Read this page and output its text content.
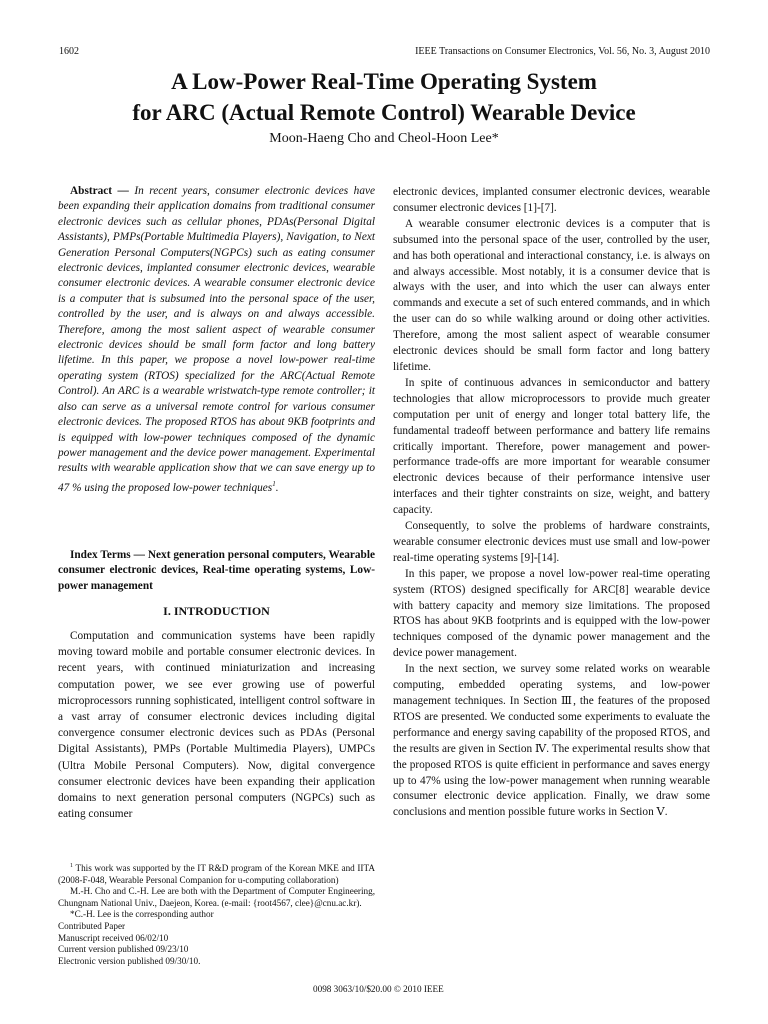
1602	IEEE Transactions on Consumer Electronics, Vol. 56, No. 3, August 2010
A Low-Power Real-Time Operating System
for ARC (Actual Remote Control) Wearable Device
Moon-Haeng Cho and Cheol-Hoon Lee*

Abstract — In recent years, consumer electronic devices have been expanding their application domains from traditional consumer electronic devices such as cellular phones, PDAs(Personal Digital Assistants), PMPs(Portable Multimedia Players), Navigation, to Next Generation Personal Computers(NGPCs) such as eating consumer electronic devices, implanted consumer electronic devices, wearable consumer electronic devices. A wearable consumer electronic device is a computer that is subsumed into the personal space of the user, controlled by the user, and is always on and always accessible. Therefore, among the most salient aspect of wearable consumer electronic devices should be small form factor and long battery lifetime. In this paper, we propose a novel low-power real-time operating system (RTOS) specialized for the ARC(Actual Remote Control). An ARC is a wearable wristwatch-type remote controller; it also can serve as a universal remote control for various consumer electronic devices. The proposed RTOS has about 9KB footprints and is equipped with low-power techniques composed of the dynamic power management and the device power management. Experimental results with wearable application show that we can save energy up to 47 % using the proposed low-power techniques$^1$.

Index Terms — Next generation personal computers, Wearable consumer electronic devices, Real-time operating systems, Low-power management

I. INTRODUCTION

Computation and communication systems have been rapidly moving toward mobile and portable consumer electronic devices. In recent years, with continued miniaturization and increasing computation power, we see ever growing use of powerful microprocessors running sophisticated, intelligent control software in a vast array of consumer electronic devices including digital convergence consumer electronic devices such as PDAs (Personal Digital Assistants), PMPs (Portable Multimedia Players), UMPCs (Ultra Mobile Personal Computers). Now, digital convergence consumer electronic devices have been expanding their application domains to next generation personal computers (NGPCs) such as eating consumer

$^1$ This work was supported by the IT R&D program of the Korean MKE and IITA (2008-F-048, Wearable Personal Companion for u-computing collaboration)

M.-H. Cho and C.-H. Lee are both with the Department of Computer Engineering, Chungnam National Univ., Daejeon, Korea. (e-mail: {root4567, clee}@cnu.ac.kr).

*C.-H. Lee is the corresponding author

Contributed Paper

Manuscript received 06/02/10

Current version published 09/23/10

Electronic version published 09/30/10.

0098 3063/10/$20.00 © 2010 IEEE

electronic devices, implanted consumer electronic devices, wearable consumer electronic devices [1]-[7].

A wearable consumer electronic devices is a computer that is subsumed into the personal space of the user, controlled by the user, and has both operational and interactional constancy, i.e. is always on and always accessible. Most notably, it is a consumer device that is always with the user, and into which the user can always enter commands and execute a set of such entered commands, and in which the user can do so while walking around or doing other activities. Therefore, among the most salient aspect of wearable consumer electronic devices should be small form factor and long battery lifetime.

In spite of continuous advances in semiconductor and battery technologies that allow microprocessors to provide much greater computation per unit of energy and longer total battery life, the fundamental tradeoff between performance and battery life remains critically important. Therefore, power management and power-performance trade-offs are more important for wearable consumer electronic devices because of their performance intensive user interfaces and their tighter constraints on size, weight, and battery capacity.

Consequently, to solve the problems of hardware constraints, wearable consumer electronic devices must use small and low-power real-time operating systems [9]-[14].

In this paper, we propose a novel low-power real-time operating system (RTOS) designed specifically for ARC[8] wearable device with battery capacity and memory size limitations. The proposed RTOS has about 9KB footprints and is equipped with the low-power techniques composed of the dynamic power management and the device power management.

In the next section, we survey some related works on wearable computing, embedded operating systems, and low-power management techniques. In Section Ⅲ, the features of the proposed RTOS are presented. We conducted some experiments to evaluate the performance and energy saving capability of the proposed RTOS, and the results are given in Section Ⅳ. The experimental results show that the proposed RTOS is quite efficient in performance and saves energy up to 47% using the low-power management when running wearable consumer electronic device application. Finally, we draw some conclusions and mention possible future works in Section Ⅴ.
